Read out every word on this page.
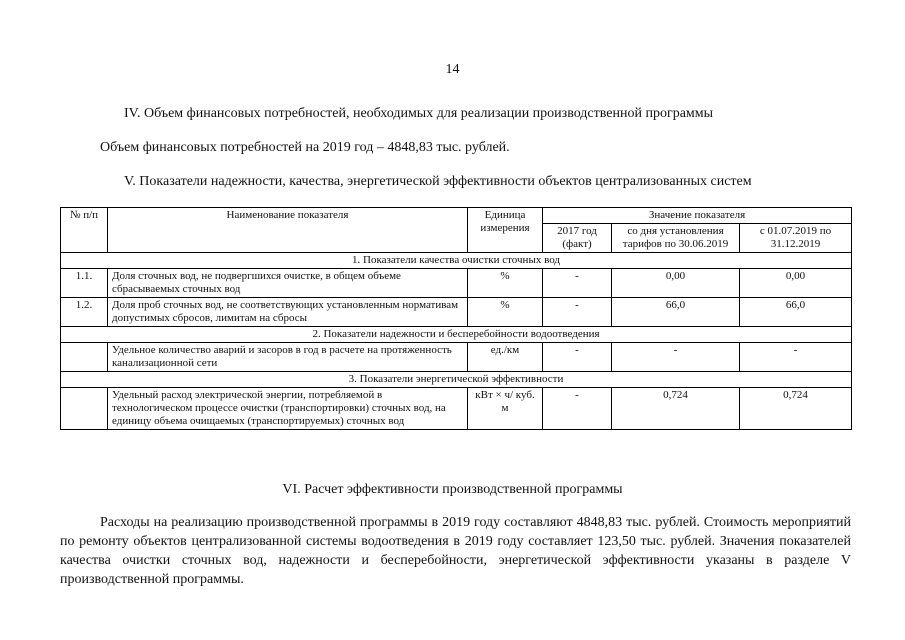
14
IV. Объем финансовых потребностей, необходимых для реализации производственной программы
Объем финансовых потребностей на 2019 год – 4848,83 тыс. рублей.
V. Показатели надежности, качества, энергетической эффективности объектов централизованных систем
№ п/п	Наименование показателя	Единица измерения	Значение показателя		
			2017 год (факт)	со дня установления тарифов по 30.06.2019	с 01.07.2019 по 31.12.2019
1. Показатели качества очистки сточных вод					
1.1.	Доля сточных вод, не подвергшихся очистке, в общем объеме сбрасываемых сточных вод	%	-	0,00	0,00
1.2.	Доля проб сточных вод, не соответствующих установленным нормативам допустимых сбросов, лимитам на сбросы	%	-	66,0	66,0
2. Показатели надежности и бесперебойности водоотведения					
	Удельное количество аварий и засоров в год в расчете на протяженность канализационной сети	ед./км	-	-	-
3. Показатели энергетической эффективности					
	Удельный расход электрической энергии, потребляемой в технологическом процессе очистки (транспортировки) сточных вод, на единицу объема очищаемых (транспортируемых) сточных вод	кВт × ч/ куб. м	-	0,724	0,724
VI. Расчет эффективности производственной программы
Расходы на реализацию производственной программы в 2019 году составляют 4848,83 тыс. рублей. Стоимость мероприятий по ремонту объектов централизованной системы водоотведения в 2019 году составляет 123,50 тыс. рублей. Значения показателей качества очистки сточных вод, надежности и бесперебойности, энергетической эффективности указаны в разделе V производственной программы.
